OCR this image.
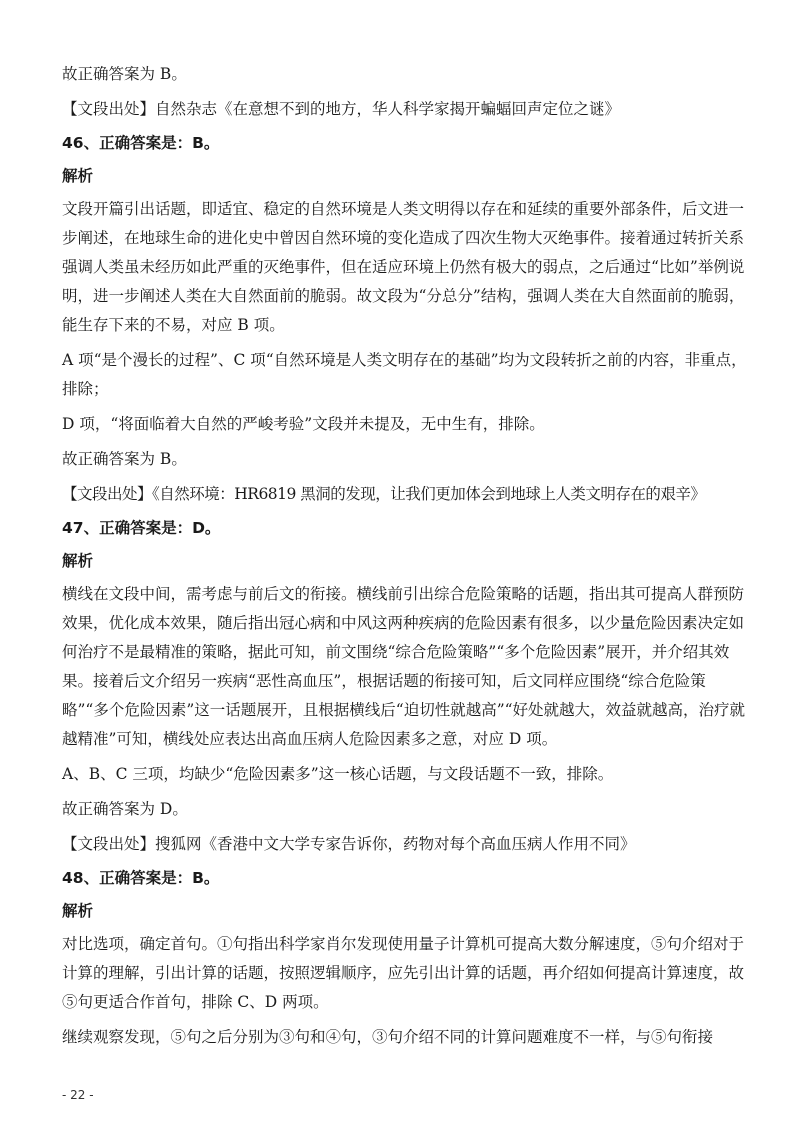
故正确答案为 B。

【文段出处】自然杂志《在意想不到的地方，华人科学家揭开蝙蝠回声定位之谜》

46、正确答案是：B。
解析

文段开篇引出话题，即适宜、稳定的自然环境是人类文明得以存在和延续的重要外部条件，后文进一步阐述，在地球生命的进化史中曾因自然环境的变化造成了四次生物大灭绝事件。接着通过转折关系强调人类虽未经历如此严重的灭绝事件，但在适应环境上仍然有极大的弱点，之后通过“比如”举例说明，进一步阐述人类在大自然面前的脆弱。故文段为“分总分”结构，强调人类在大自然面前的脆弱，能生存下来的不易，对应 B 项。

A 项“是个漫长的过程”、C 项“自然环境是人类文明存在的基础”均为文段转折之前的内容，非重点，排除；

D 项，“将面临着大自然的严峻考验”文段并未提及，无中生有，排除。

故正确答案为 B。

【文段出处】《自然环境：HR6819 黑洞的发现，让我们更加体会到地球上人类文明存在的艰辛》

47、正确答案是：D。
解析

横线在文段中间，需考虑与前后文的衔接。横线前引出综合危险策略的话题，指出其可提高人群预防效果，优化成本效果，随后指出冠心病和中风这两种疾病的危险因素有很多，以少量危险因素决定如何治疗不是最精准的策略，据此可知，前文围绕“综合危险策略”“多个危险因素”展开，并介绍其效果。接着后文介绍另一疾病“恶性高血压”，根据话题的衔接可知，后文同样应围绕“综合危险策略”“多个危险因素”这一话题展开，且根据横线后“迫切性就越高”“好处就越大，效益就越高，治疗就越精准”可知，横线处应表达出高血压病人危险因素多之意，对应 D 项。

A、B、C 三项，均缺少“危险因素多”这一核心话题，与文段话题不一致，排除。

故正确答案为 D。

【文段出处】搜狐网《香港中文大学专家告诉你，药物对每个高血压病人作用不同》

48、正确答案是：B。
解析

对比选项，确定首句。①句指出科学家肖尔发现使用量子计算机可提高大数分解速度，⑤句介绍对于计算的理解，引出计算的话题，按照逻辑顺序，应先引出计算的话题，再介绍如何提高计算速度，故⑤句更适合作首句，排除 C、D 两项。

继续观察发现，⑤句之后分别为③句和④句，③句介绍不同的计算问题难度不一样，与⑤句衔接

- 22 -
